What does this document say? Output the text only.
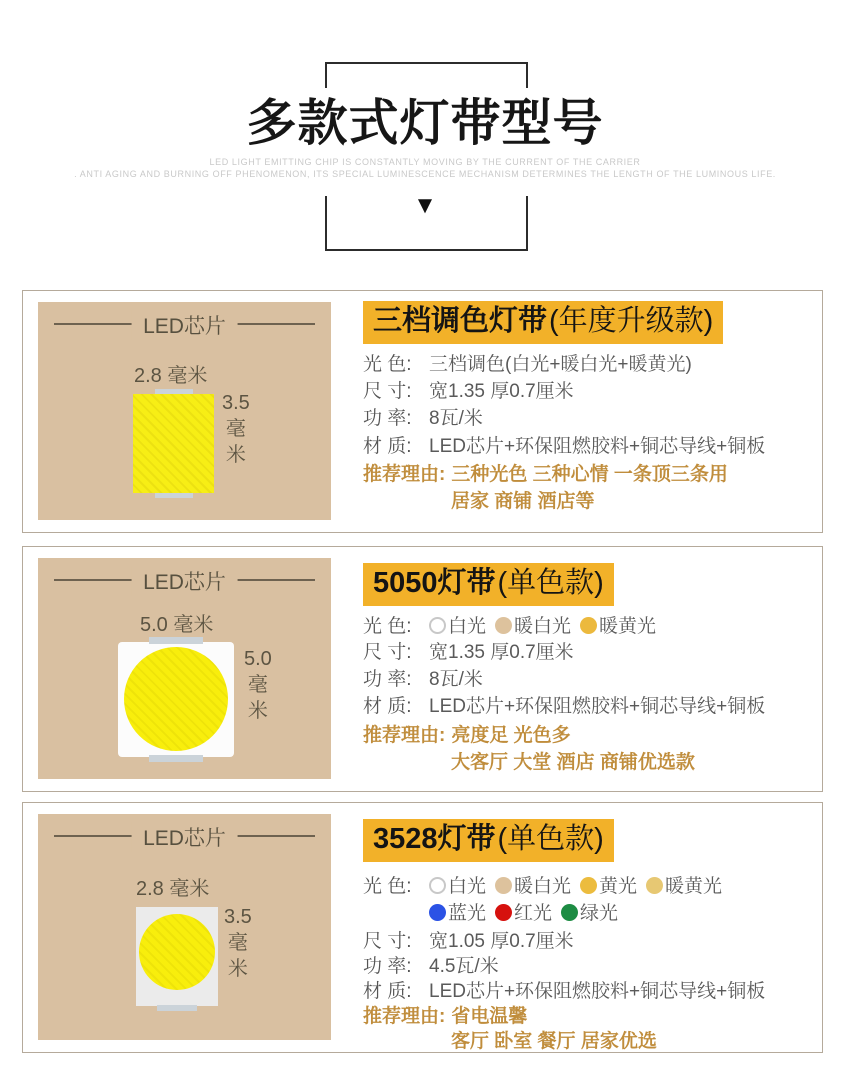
多款式灯带型号
LED LIGHT EMITTING CHIP IS CONSTANTLY MOVING BY THE CURRENT OF THE CARRIER
. ANTI AGING AND BURNING OFF PHENOMENON, ITS SPECIAL LUMINESCENCE MECHANISM DETERMINES THE LENGTH OF THE LUMINOUS LIFE.
▼
LED芯片
2.8 毫米
3.5
毫
米
三档调色灯带(年度升级款)
光 色: 三档调色(白光+暖白光+暖黄光)
尺 寸: 宽1.35 厚0.7厘米
功 率: 8瓦/米
材 质: LED芯片+环保阻燃胶料+铜芯导线+铜板
推荐理由: 三种光色 三种心情 一条顶三条用
居家 商铺 酒店等
LED芯片
5.0 毫米
5.0
毫
米
5050灯带(单色款)
光 色: 白光 暖白光 暖黄光
尺 寸: 宽1.35 厚0.7厘米
功 率: 8瓦/米
材 质: LED芯片+环保阻燃胶料+铜芯导线+铜板
推荐理由: 亮度足 光色多
大客厅 大堂 酒店 商铺优选款
LED芯片
2.8 毫米
3.5
毫
米
3528灯带(单色款)
光 色: 白光 暖白光 黄光 暖黄光
蓝光 红光 绿光
尺 寸: 宽1.05 厚0.7厘米
功 率: 4.5瓦/米
材 质: LED芯片+环保阻燃胶料+铜芯导线+铜板
推荐理由: 省电温馨
客厅 卧室 餐厅 居家优选
